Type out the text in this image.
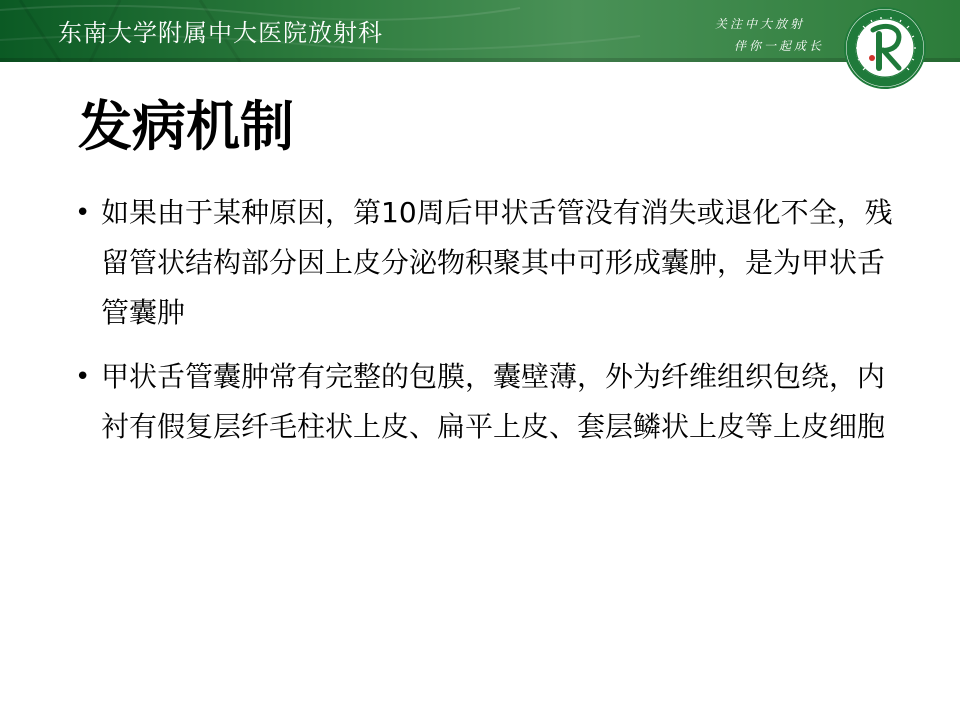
东南大学附属中大医院放射科	关注中大放射
伴你一起成长
发病机制
• 如果由于某种原因，第10周后甲状舌管没有消失或退化不全，残留管状结构部分因上皮分泌物积聚其中可形成囊肿，是为甲状舌管囊肿
• 甲状舌管囊肿常有完整的包膜，囊壁薄，外为纤维组织包绕，内衬有假复层纤毛柱状上皮、扁平上皮、套层鳞状上皮等上皮细胞
